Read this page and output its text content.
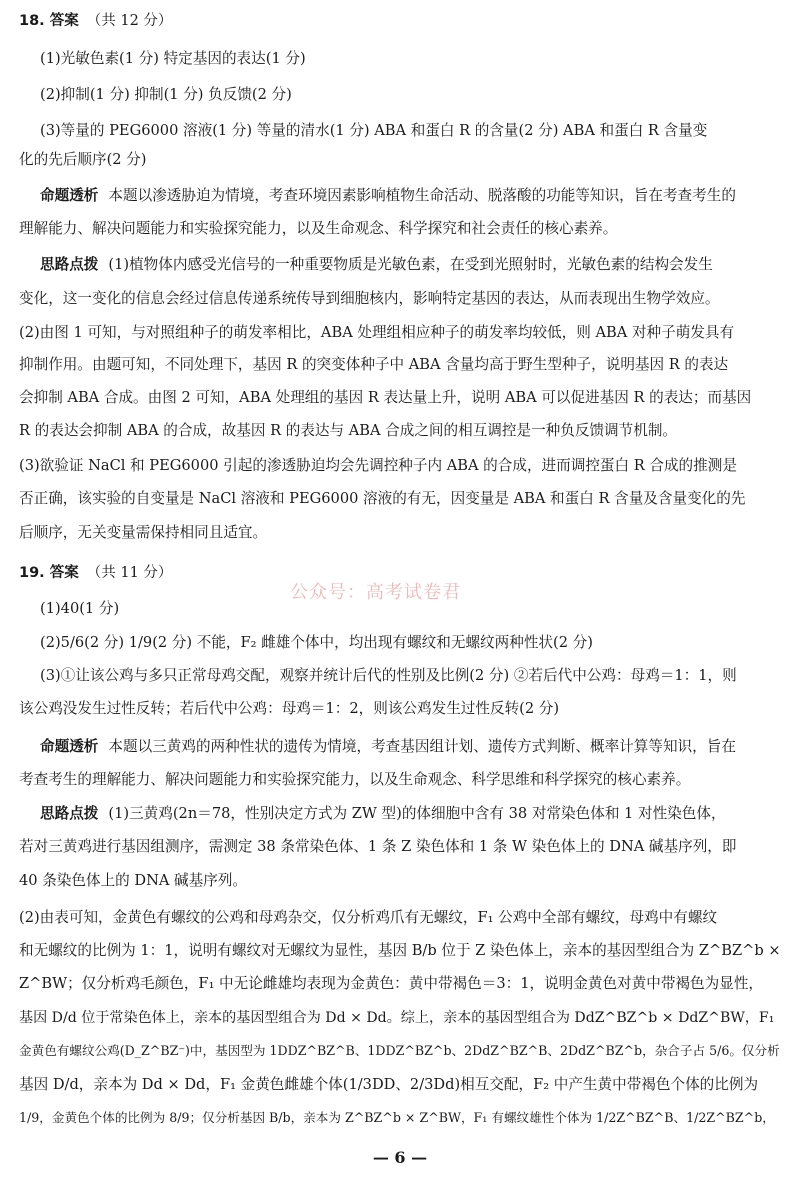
18. 答案 （共 12 分）
(1)光敏色素(1 分) 特定基因的表达(1 分)
(2)抑制(1 分) 抑制(1 分) 负反馈(2 分)
(3)等量的 PEG6000 溶液(1 分) 等量的清水(1 分) ABA 和蛋白 R 的含量(2 分) ABA 和蛋白 R 含量变
化的先后顺序(2 分)
命题透析 本题以渗透胁迫为情境，考查环境因素影响植物生命活动、脱落酸的功能等知识，旨在考查考生的
理解能力、解决问题能力和实验探究能力，以及生命观念、科学探究和社会责任的核心素养。
思路点拨 (1)植物体内感受光信号的一种重要物质是光敏色素，在受到光照射时，光敏色素的结构会发生
变化，这一变化的信息会经过信息传递系统传导到细胞核内，影响特定基因的表达，从而表现出生物学效应。
(2)由图 1 可知，与对照组种子的萌发率相比，ABA 处理组相应种子的萌发率均较低，则 ABA 对种子萌发具有
抑制作用。由题可知，不同处理下，基因 R 的突变体种子中 ABA 含量均高于野生型种子，说明基因 R 的表达
会抑制 ABA 合成。由图 2 可知，ABA 处理组的基因 R 表达量上升，说明 ABA 可以促进基因 R 的表达；而基因
R 的表达会抑制 ABA 的合成，故基因 R 的表达与 ABA 合成之间的相互调控是一种负反馈调节机制。
(3)欲验证 NaCl 和 PEG6000 引起的渗透胁迫均会先调控种子内 ABA 的合成，进而调控蛋白 R 合成的推测是
否正确，该实验的自变量是 NaCl 溶液和 PEG6000 溶液的有无，因变量是 ABA 和蛋白 R 含量及含量变化的先
后顺序，无关变量需保持相同且适宜。
19. 答案 （共 11 分）
(1)40(1 分)
(2)5/6(2 分) 1/9(2 分) 不能，F₂ 雌雄个体中，均出现有螺纹和无螺纹两种性状(2 分)
(3)①让该公鸡与多只正常母鸡交配，观察并统计后代的性别及比例(2 分) ②若后代中公鸡：母鸡＝1：1，则
该公鸡没发生过性反转；若后代中公鸡：母鸡＝1：2，则该公鸡发生过性反转(2 分)
命题透析 本题以三黄鸡的两种性状的遗传为情境，考查基因组计划、遗传方式判断、概率计算等知识，旨在
考查考生的理解能力、解决问题能力和实验探究能力，以及生命观念、科学思维和科学探究的核心素养。
思路点拨 (1)三黄鸡(2n＝78，性别决定方式为 ZW 型)的体细胞中含有 38 对常染色体和 1 对性染色体，
若对三黄鸡进行基因组测序，需测定 38 条常染色体、1 条 Z 染色体和 1 条 W 染色体上的 DNA 碱基序列，即
40 条染色体上的 DNA 碱基序列。
(2)由表可知，金黄色有螺纹的公鸡和母鸡杂交，仅分析鸡爪有无螺纹，F₁ 公鸡中全部有螺纹，母鸡中有螺纹
和无螺纹的比例为 1：1，说明有螺纹对无螺纹为显性，基因 B/b 位于 Z 染色体上，亲本的基因型组合为 Z^BZ^b ×
Z^BW；仅分析鸡毛颜色，F₁ 中无论雌雄均表现为金黄色：黄中带褐色＝3：1，说明金黄色对黄中带褐色为显性，
基因 D/d 位于常染色体上，亲本的基因型组合为 Dd × Dd。综上，亲本的基因型组合为 DdZ^BZ^b × DdZ^BW，F₁
金黄色有螺纹公鸡(D_Z^BZ⁻)中，基因型为 1DDZ^BZ^B、1DDZ^BZ^b、2DdZ^BZ^B、2DdZ^BZ^b，杂合子占 5/6。仅分析
基因 D/d，亲本为 Dd × Dd，F₁ 金黄色雌雄个体(1/3DD、2/3Dd)相互交配，F₂ 中产生黄中带褐色个体的比例为
1/9，金黄色个体的比例为 8/9；仅分析基因 B/b，亲本为 Z^BZ^b × Z^BW，F₁ 有螺纹雄性个体为 1/2Z^BZ^B、1/2Z^BZ^b，
公众号：高考试卷君
— 6 —
